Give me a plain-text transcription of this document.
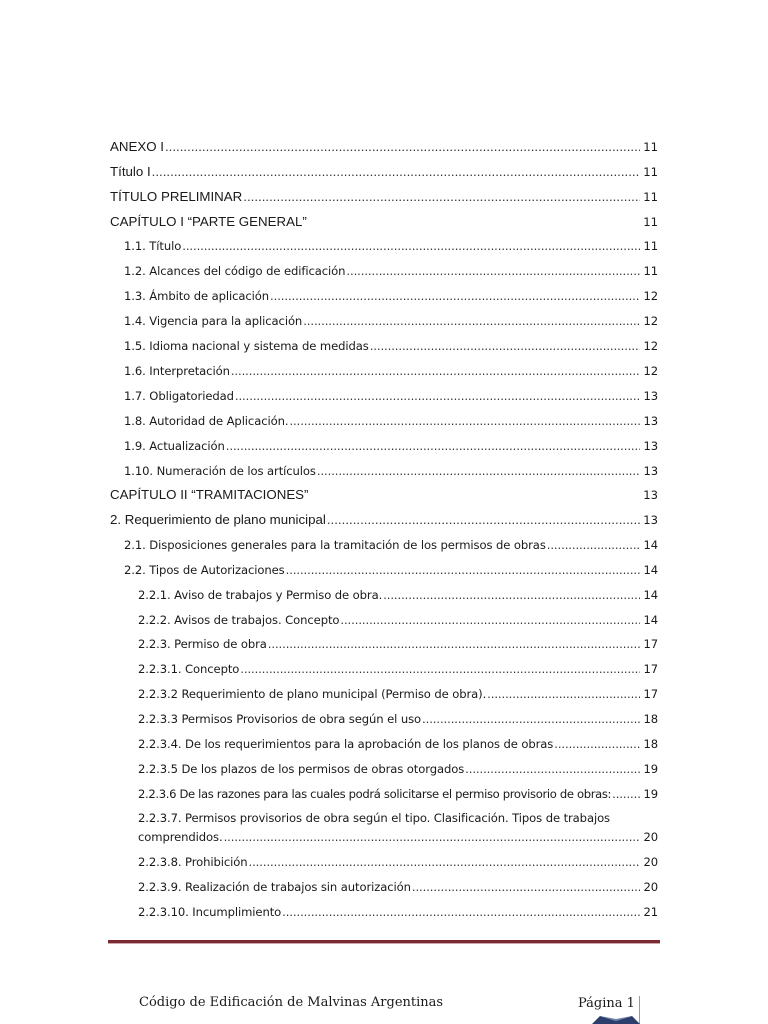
ANEXO I .....	11
Título I .....	11
TÍTULO PRELIMINAR .....	11
CAPÍTULO I “PARTE GENERAL”	11
1.1. Título .....	11
1.2. Alcances del código de edificación .....	11
1.3. Ámbito de aplicación .....	12
1.4. Vigencia para la aplicación .....	12
1.5. Idioma nacional y sistema de medidas .....	12
1.6. Interpretación .....	12
1.7. Obligatoriedad .....	13
1.8. Autoridad de Aplicación. .....	13
1.9. Actualización .....	13
1.10. Numeración de los artículos .....	13
CAPÍTULO II “TRAMITACIONES”	13
2. Requerimiento de plano municipal .....	13
2.1. Disposiciones generales para la tramitación de los permisos de obras .....	14
2.2. Tipos de Autorizaciones .....	14
2.2.1. Aviso de trabajos y Permiso de obra. .....	14
2.2.2. Avisos de trabajos. Concepto .....	14
2.2.3. Permiso de obra .....	17
2.2.3.1. Concepto .....	17
2.2.3.2 Requerimiento de plano municipal (Permiso de obra). .....	17
2.2.3.3 Permisos Provisorios de obra según el uso .....	18
2.2.3.4. De los requerimientos para la aprobación de los planos de obras .....	18
2.2.3.5 De los plazos de los permisos de obras otorgados .....	19
2.2.3.6 De las razones para las cuales podrá solicitarse el permiso provisorio de obras: .....	19
2.2.3.7. Permisos provisorios de obra según el tipo. Clasificación. Tipos de trabajos
comprendidos. .....	20
2.2.3.8. Prohibición .....	20
2.2.3.9. Realización de trabajos sin autorización .....	20
2.2.3.10. Incumplimiento .....	21
Código de Edificación de Malvinas Argentinas	Página 1
